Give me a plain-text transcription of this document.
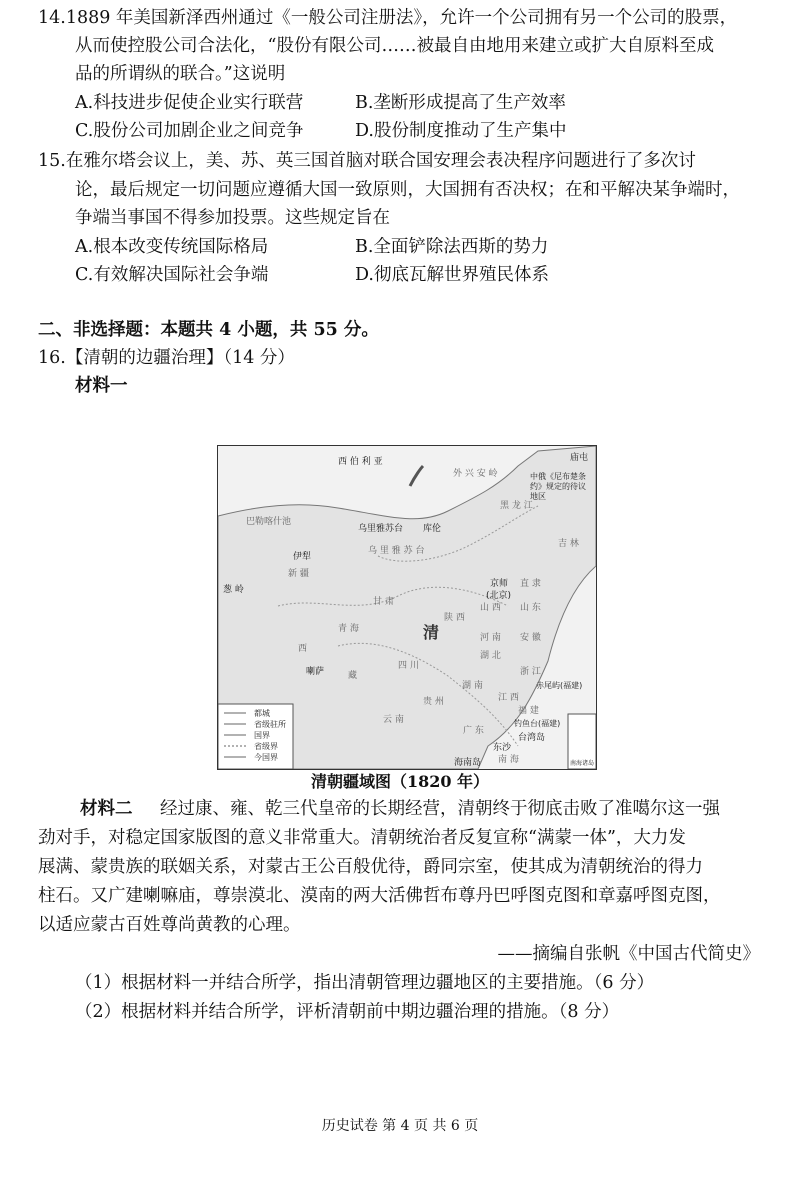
14.1889 年美国新泽西州通过《一般公司注册法》，允许一个公司拥有另一个公司的股票，
从而使控股公司合法化，“股份有限公司……被最自由地用来建立或扩大自原料至成
品的所谓纵的联合。”这说明
A.科技进步促使企业实行联营	B.垄断形成提高了生产效率
C.股份公司加剧企业之间竞争	D.股份制度推动了生产集中
15.在雅尔塔会议上，美、苏、英三国首脑对联合国安理会表决程序问题进行了多次讨
论，最后规定一切问题应遵循大国一致原则，大国拥有否决权；在和平解决某争端时，
争端当事国不得参加投票。这些规定旨在
A.根本改变传统国际格局	B.全面铲除法西斯的势力
C.有效解决国际社会争端	D.彻底瓦解世界殖民体系
二、非选择题：本题共 4 小题，共 55 分。
16.【清朝的边疆治理】（14 分）
材料一
西 伯 利 亚
外 兴 安 岭
庙屯
巴勒喀什池
乌里雅苏台 库伦
乌 里 雅 苏 台
伊犁
新 疆
葱 岭
黑 龙 江
吉 林
京师
(北京)
甘 肃
青 海	清
西
藏
喇萨
四 川
陕 西
山 西 山 东
直 隶
河 南 安 徽
湖 北
湖 南
江 西
浙 江
福 建
贵 州
云 南
广 东
台湾岛
钓鱼台(福建)
赤尾屿(福建)
东沙
海南岛 南 海
都城
省级驻所
国界
省级界
今国界
南海诸岛
中俄《尼布楚条约》规定的待议地区
清朝疆域图（1820 年）
材料二 经过康、雍、乾三代皇帝的长期经营，清朝终于彻底击败了准噶尔这一强
劲对手，对稳定国家版图的意义非常重大。清朝统治者反复宣称“满蒙一体”，大力发
展满、蒙贵族的联姻关系，对蒙古王公百般优待，爵同宗室，使其成为清朝统治的得力
柱石。又广建喇嘛庙，尊崇漠北、漠南的两大活佛哲布尊丹巴呼图克图和章嘉呼图克图，
以适应蒙古百姓尊尚黄教的心理。
——摘编自张帆《中国古代简史》
（1）根据材料一并结合所学，指出清朝管理边疆地区的主要措施。（6 分）
（2）根据材料并结合所学，评析清朝前中期边疆治理的措施。（8 分）
历史试卷 第 4 页 共 6 页
